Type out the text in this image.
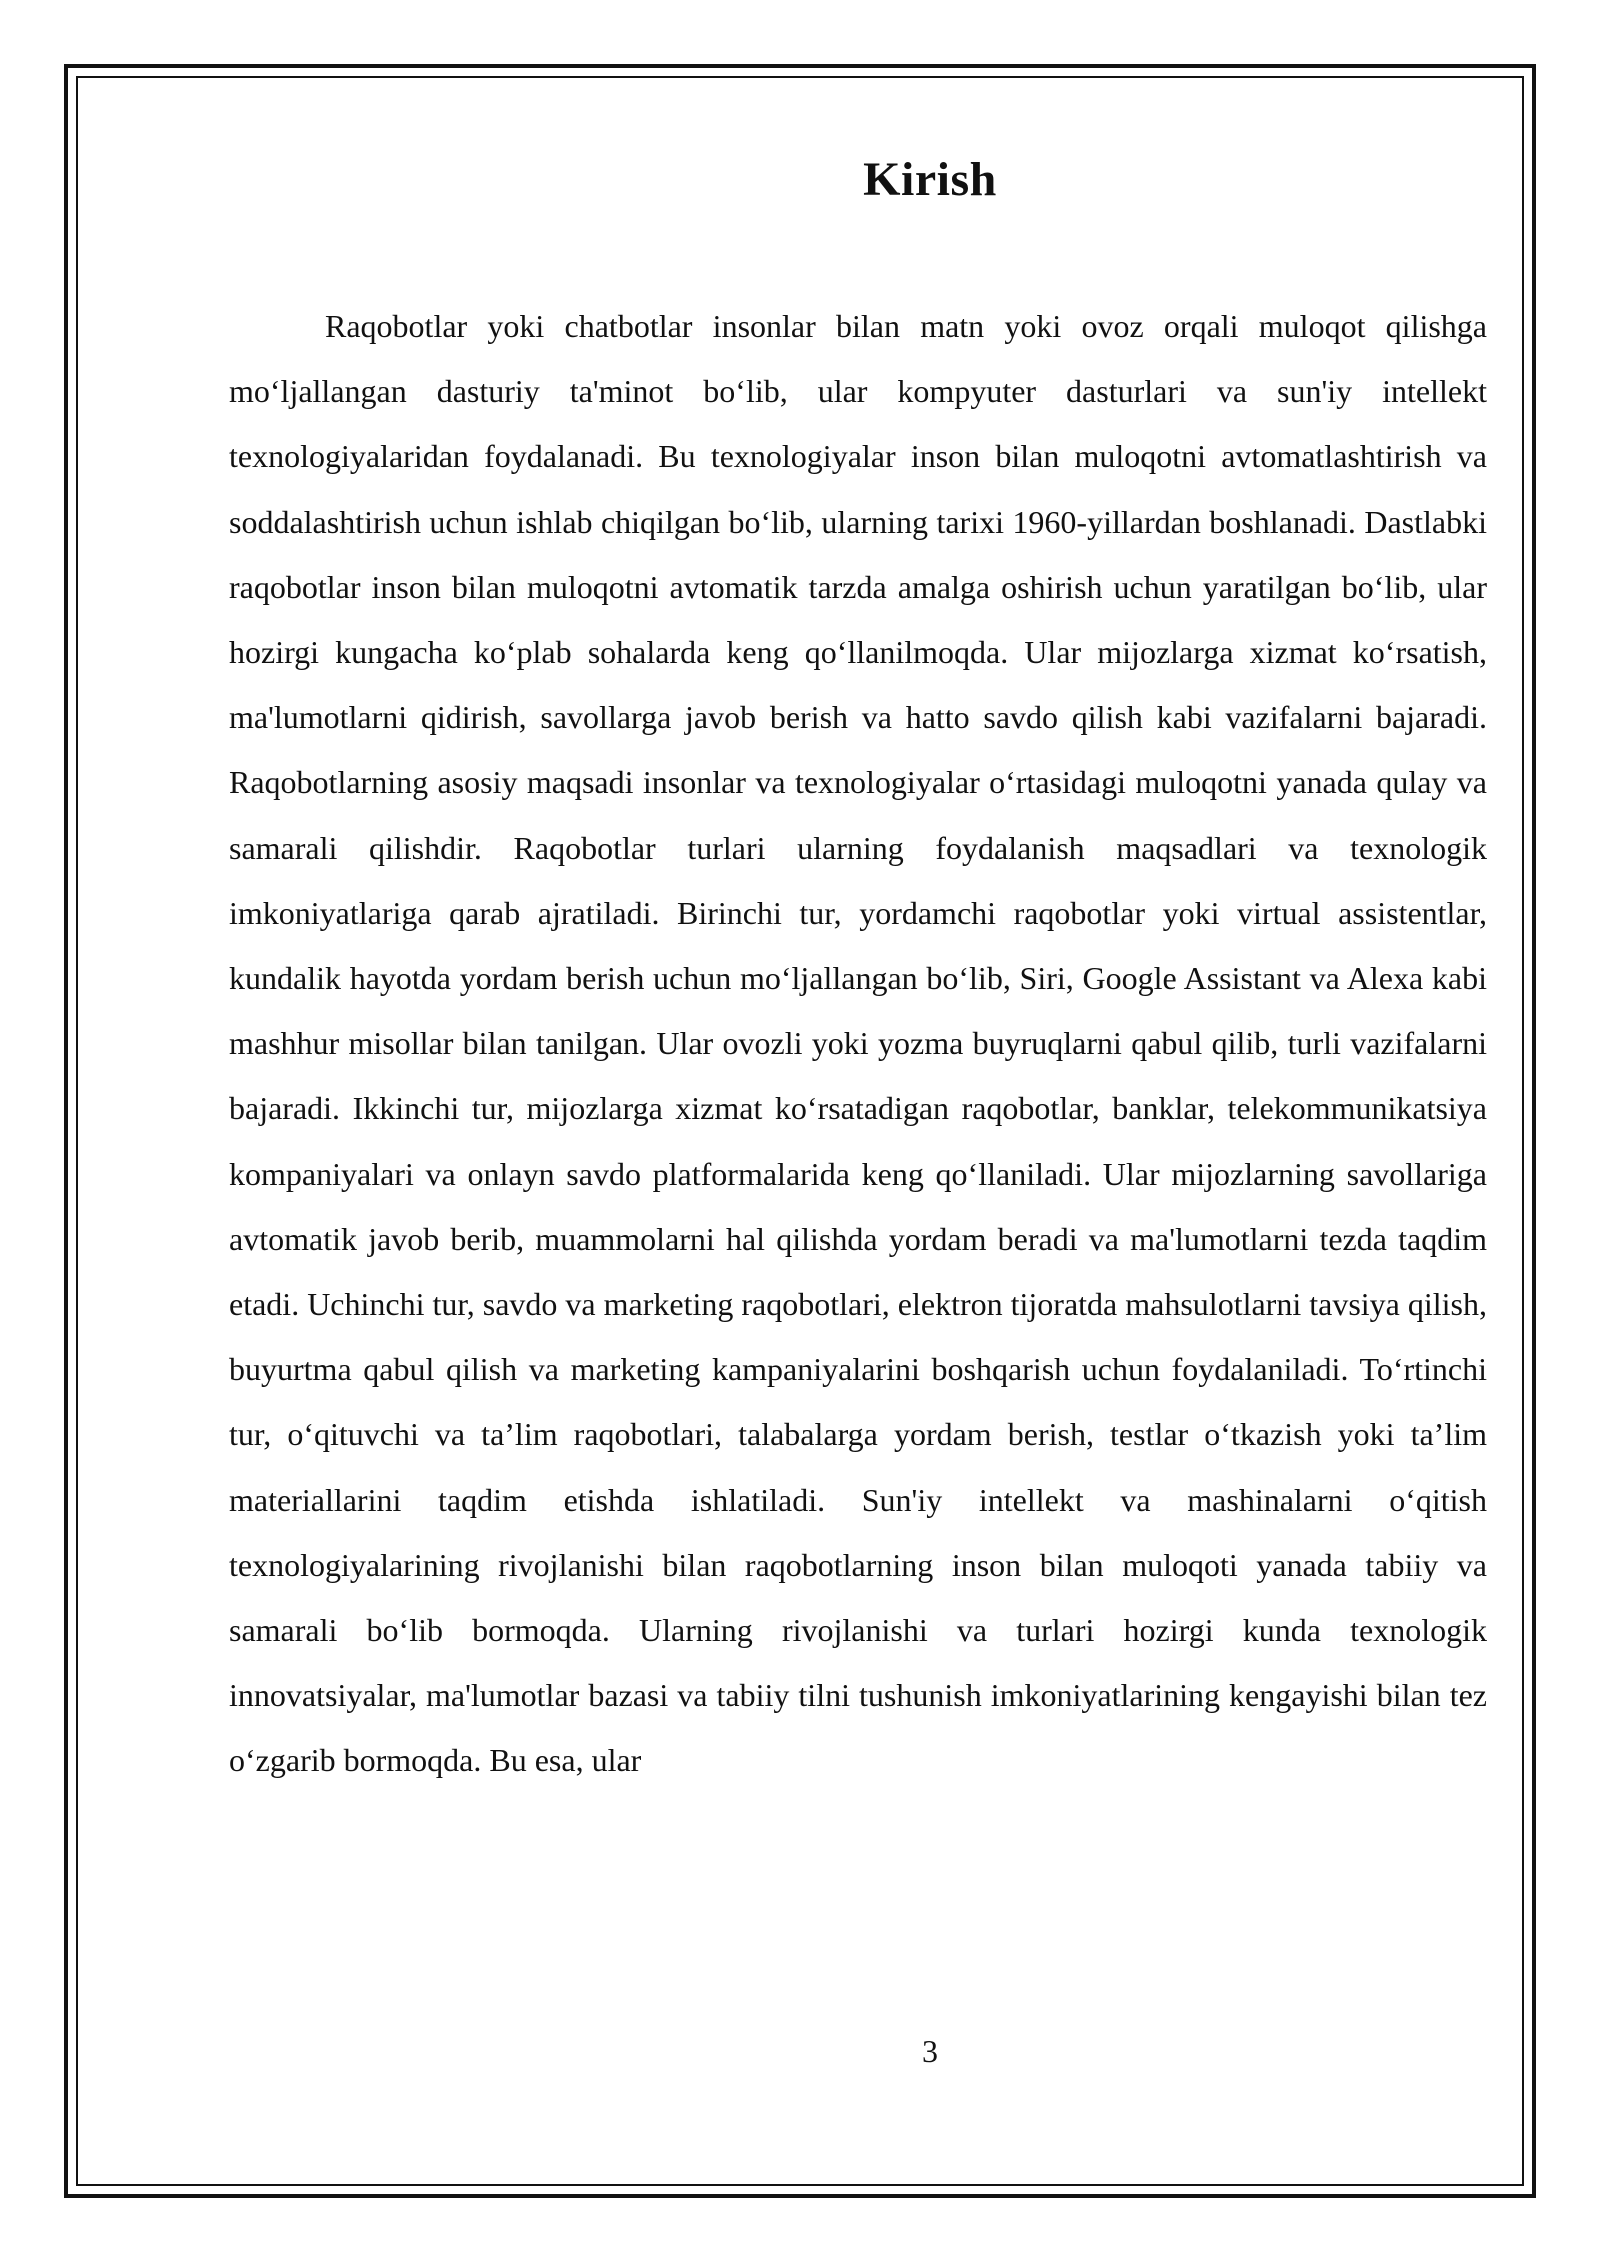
Kirish

Raqobotlar yoki chatbotlar insonlar bilan matn yoki ovoz orqali muloqot qilishga mo‘ljallangan dasturiy ta'minot bo‘lib, ular kompyuter dasturlari va sun'iy intellekt texnologiyalaridan foydalanadi. Bu texnologiyalar inson bilan muloqotni avtomatlashtirish va soddalashtirish uchun ishlab chiqilgan bo‘lib, ularning tarixi 1960-yillardan boshlanadi. Dastlabki raqobotlar inson bilan muloqotni avtomatik tarzda amalga oshirish uchun yaratilgan bo‘lib, ular hozirgi kungacha ko‘plab sohalarda keng qo‘llanilmoqda. Ular mijozlarga xizmat ko‘rsatish, ma'lumotlarni qidirish, savollarga javob berish va hatto savdo qilish kabi vazifalarni bajaradi. Raqobotlarning asosiy maqsadi insonlar va texnologiyalar o‘rtasidagi muloqotni yanada qulay va samarali qilishdir. Raqobotlar turlari ularning foydalanish maqsadlari va texnologik imkoniyatlariga qarab ajratiladi. Birinchi tur, yordamchi raqobotlar yoki virtual assistentlar, kundalik hayotda yordam berish uchun mo‘ljallangan bo‘lib, Siri, Google Assistant va Alexa kabi mashhur misollar bilan tanilgan. Ular ovozli yoki yozma buyruqlarni qabul qilib, turli vazifalarni bajaradi. Ikkinchi tur, mijozlarga xizmat ko‘rsatadigan raqobotlar, banklar, telekommunikatsiya kompaniyalari va onlayn savdo platformalarida keng qo‘llaniladi. Ular mijozlarning savollariga avtomatik javob berib, muammolarni hal qilishda yordam beradi va ma'lumotlarni tezda taqdim etadi. Uchinchi tur, savdo va marketing raqobotlari, elektron tijoratda mahsulotlarni tavsiya qilish, buyurtma qabul qilish va marketing kampaniyalarini boshqarish uchun foydalaniladi. To‘rtinchi tur, o‘qituvchi va ta’lim raqobotlari, talabalarga yordam berish, testlar o‘tkazish yoki ta’lim materiallarini taqdim etishda ishlatiladi. Sun'iy intellekt va mashinalarni o‘qitish texnologiyalarining rivojlanishi bilan raqobotlarning inson bilan muloqoti yanada tabiiy va samarali bo‘lib bormoqda. Ularning rivojlanishi va turlari hozirgi kunda texnologik innovatsiyalar, ma'lumotlar bazasi va tabiiy tilni tushunish imkoniyatlarining kengayishi bilan tez o‘zgarib bormoqda. Bu esa, ular

3
